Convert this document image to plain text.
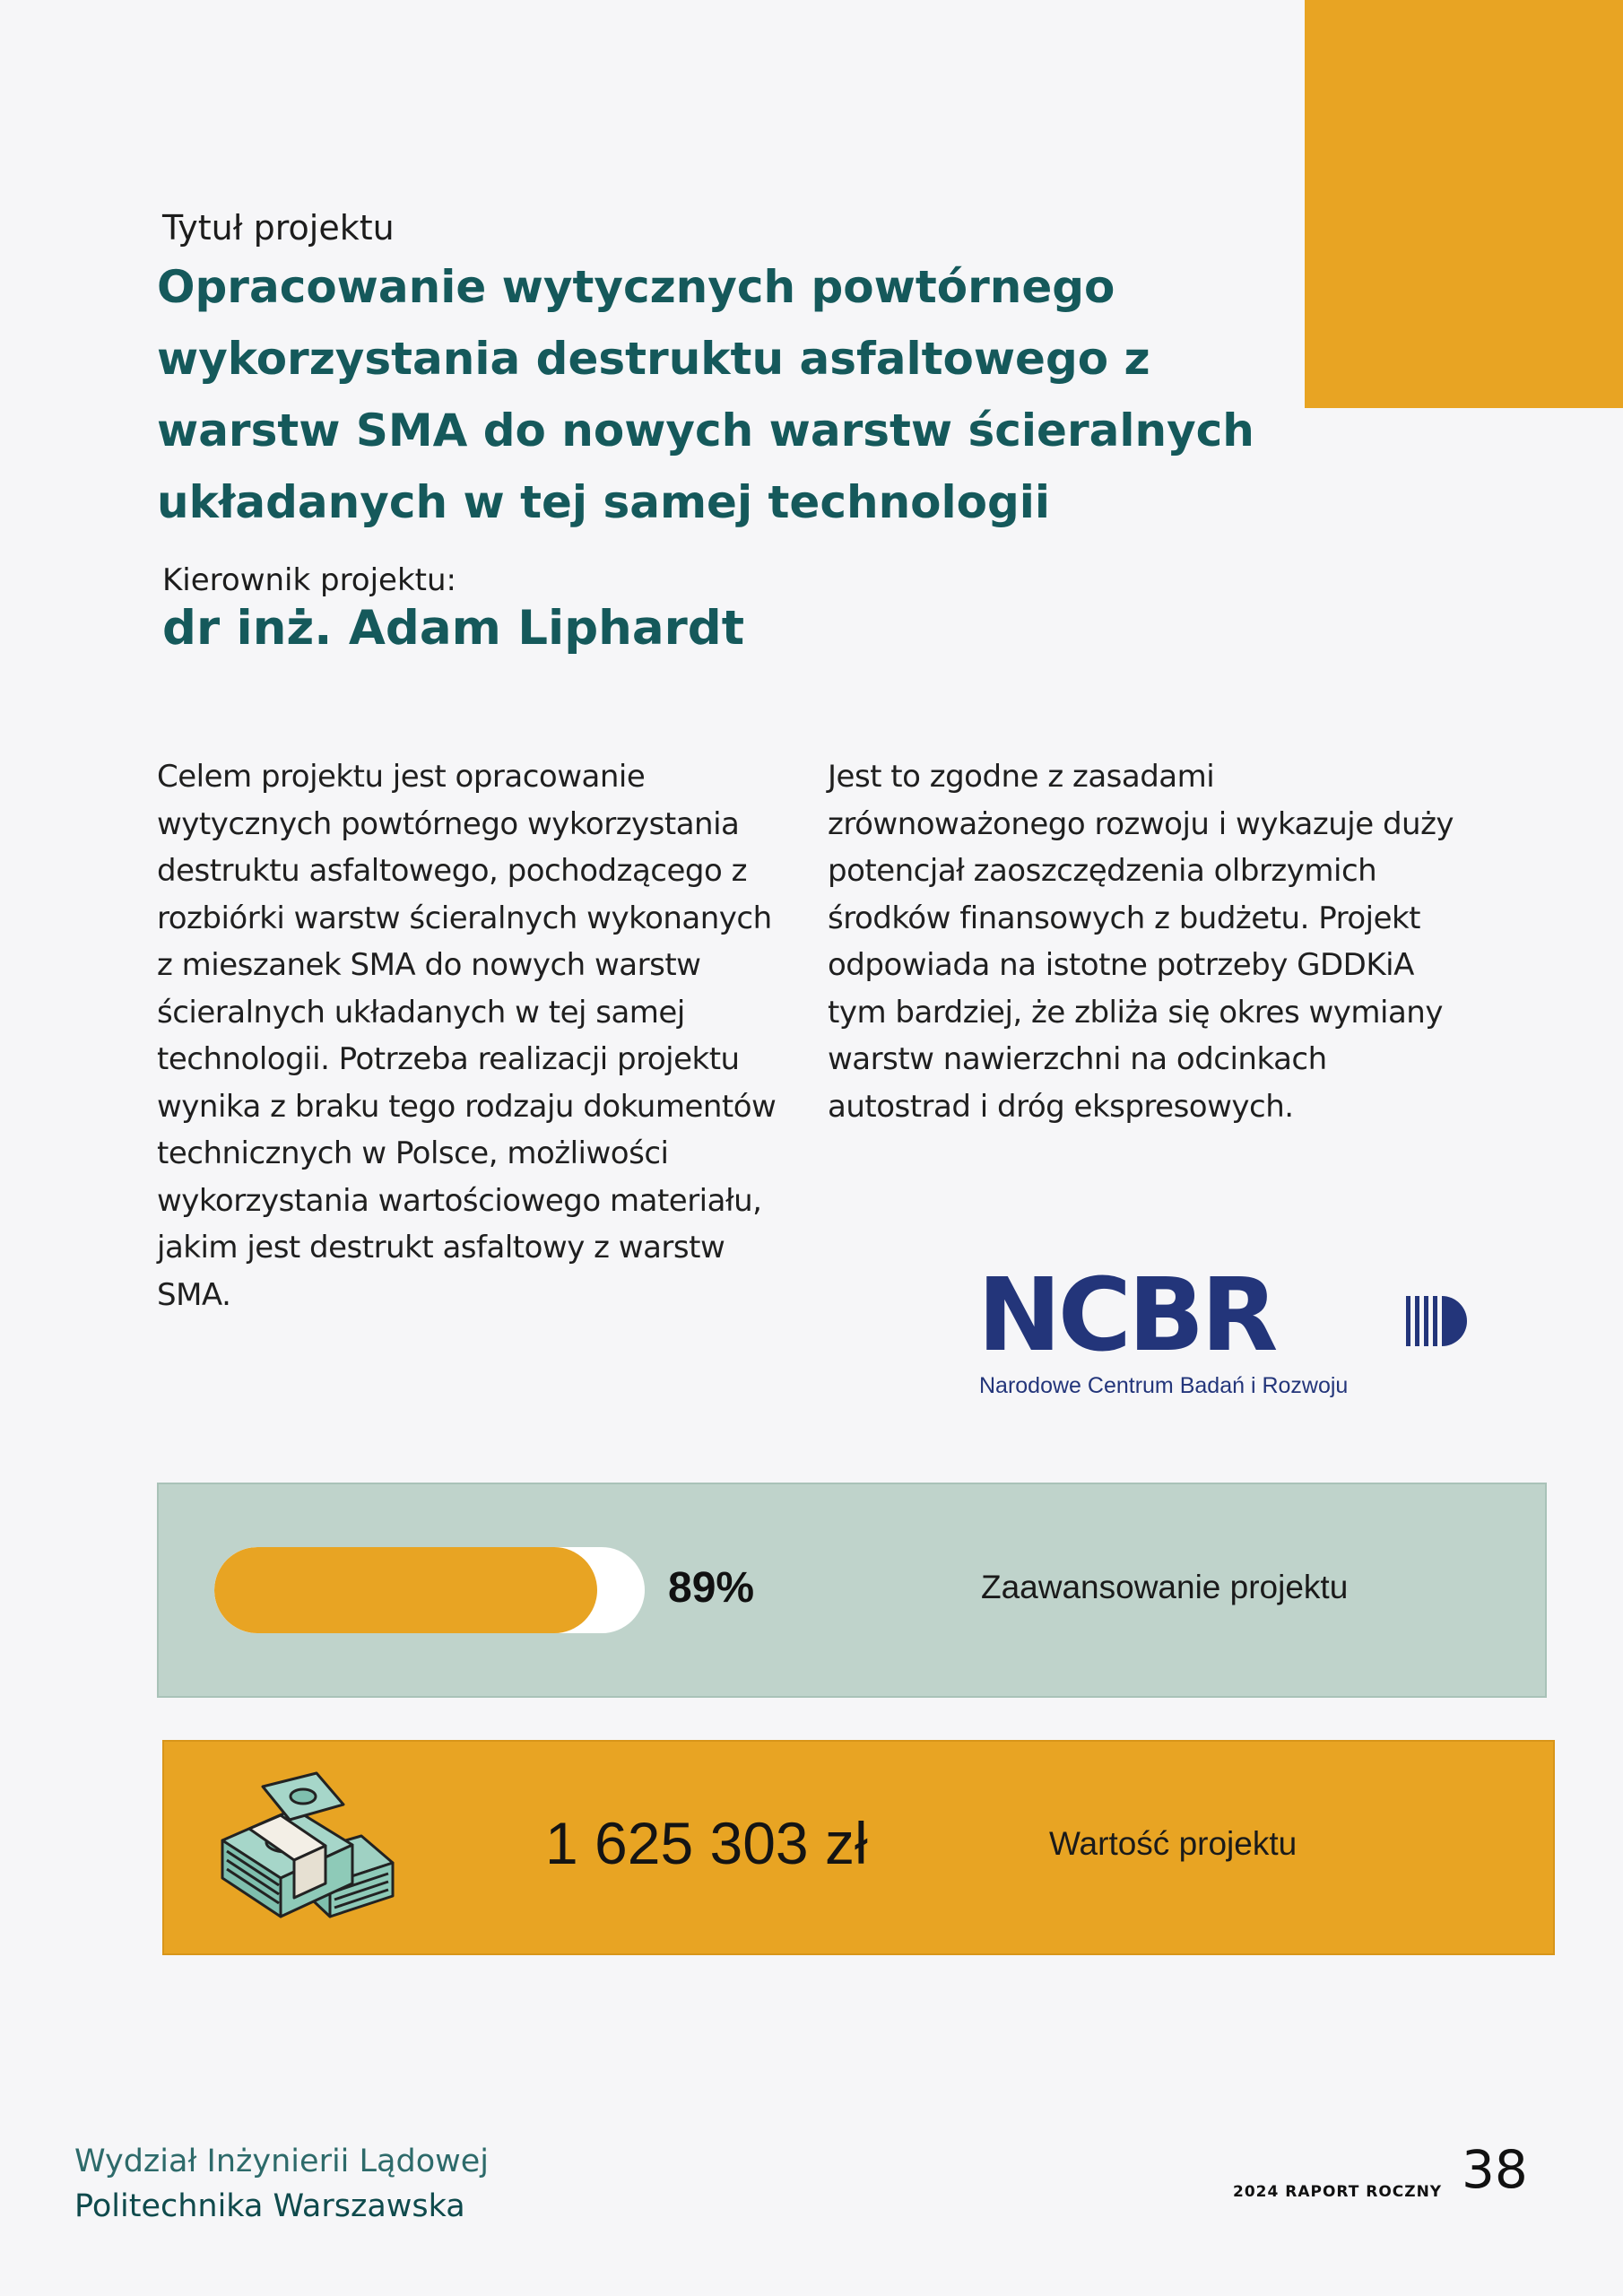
Tytuł projektu
Opracowanie wytycznych powtórnego wykorzystania destruktu asfaltowego z warstw SMA do nowych warstw ścieralnych układanych w tej samej technologii
Kierownik projektu:
dr inż. Adam Liphardt

Celem projektu jest opracowanie wytycznych powtórnego wykorzystania destruktu asfaltowego, pochodzącego z rozbiórki warstw ścieralnych wykonanych z mieszanek SMA do nowych warstw ścieralnych układanych w tej samej technologii. Potrzeba realizacji projektu wynika z braku tego rodzaju dokumentów technicznych w Polsce, możliwości wykorzystania wartościowego materiału, jakim jest destrukt asfaltowy z warstw SMA.

Jest to zgodne z zasadami zrównoważonego rozwoju i wykazuje duży potencjał zaoszczędzenia olbrzymich środków finansowych z budżetu. Projekt odpowiada na istotne potrzeby GDDKiA tym bardziej, że zbliża się okres wymiany warstw nawierzchni na odcinkach autostrad i dróg ekspresowych.

NCBR
Narodowe Centrum Badań i Rozwoju
89%	Zaawansowanie projektu
1 625 303 zł	Wartość projektu
Wydział Inżynierii Lądowej
Politechnika Warszawska	2024 RAPORT ROCZNY 38
